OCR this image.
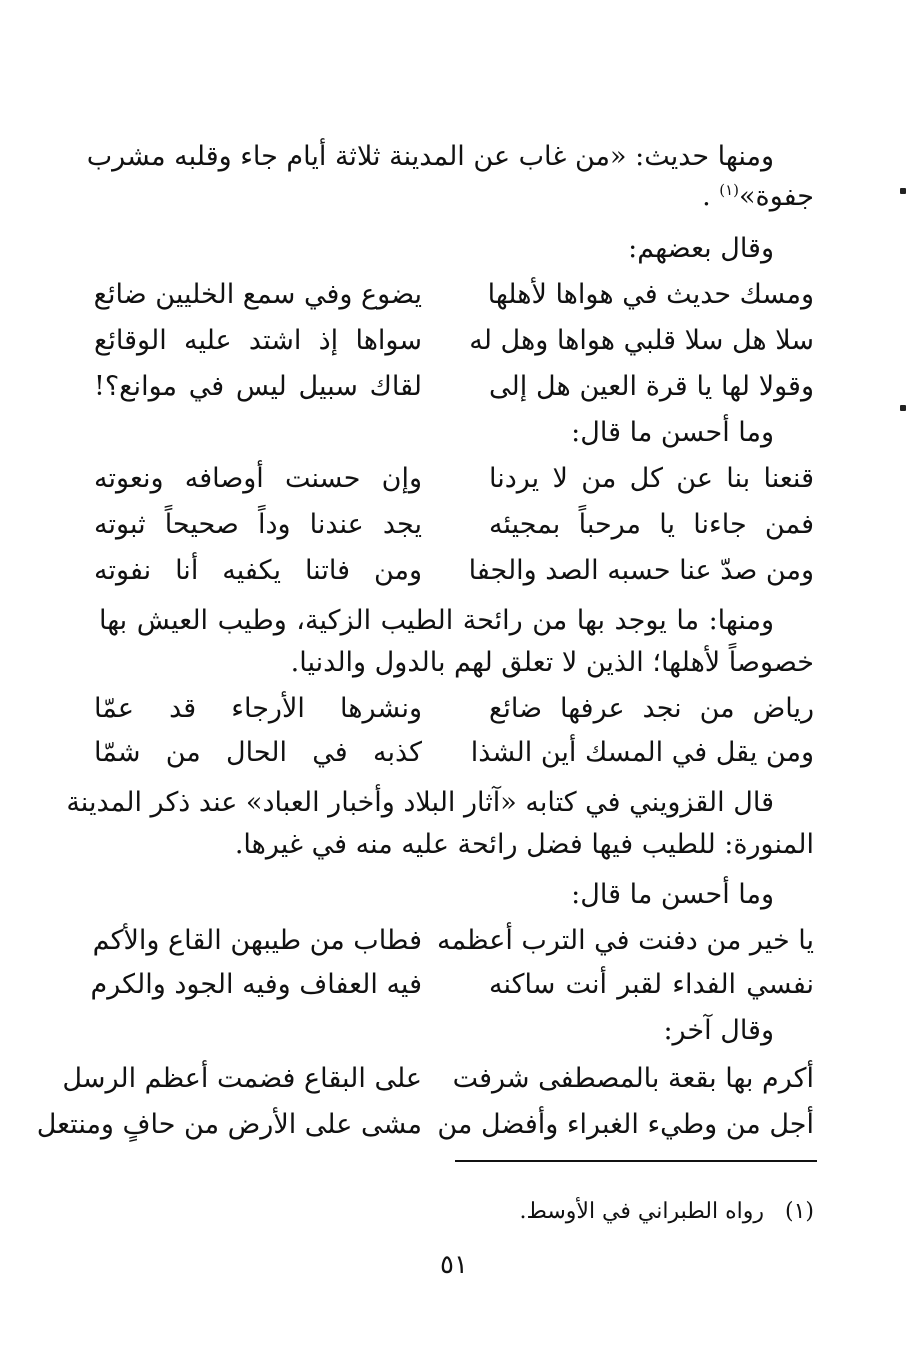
ومنها حديث: «من غاب عن المدينة ثلاثة أيام جاء وقلبه مشرب
جفوة»$^{(١)}$ .
وقال بعضهم:
ومسك حديث في هواها لأهلها
يضوع وفي سمع الخليين ضائع
سلا هل سلا قلبي هواها وهل له
سواها إذ اشتد عليه الوقائع
وقولا لها يا قرة العين هل إلى
لقاك سبيل ليس في موانع؟!
وما أحسن ما قال:
قنعنا بنا عن كل من لا يردنا
وإن حسنت أوصافه ونعوته
فمن جاءنا يا مرحباً بمجيئه
يجد عندنا وداً صحيحاً ثبوته
ومن صدّ عنا حسبه الصد والجفا
ومن فاتنا يكفيه أنا نفوته
ومنها: ما يوجد بها من رائحة الطيب الزكية، وطيب العيش بها
خصوصاً لأهلها؛ الذين لا تعلق لهم بالدول والدنيا.
رياض من نجد عرفها ضائع
ونشرها الأرجاء قد عمّا
ومن يقل في المسك أين الشذا
كذبه في الحال من شمّا
قال القزويني في كتابه «آثار البلاد وأخبار العباد» عند ذكر المدينة
المنورة: للطيب فيها فضل رائحة عليه منه في غيرها.
وما أحسن ما قال:
يا خير من دفنت في الترب أعظمه
فطاب من طيبهن القاع والأكم
نفسي الفداء لقبر أنت ساكنه
فيه العفاف وفيه الجود والكرم
وقال آخر:
أكرم بها بقعة بالمصطفى شرفت
على البقاع فضمت أعظم الرسل
أجل من وطيء الغبراء وأفضل من
مشى على الأرض من حافٍ ومنتعل
(١)   رواه الطبراني في الأوسط.
٥١
